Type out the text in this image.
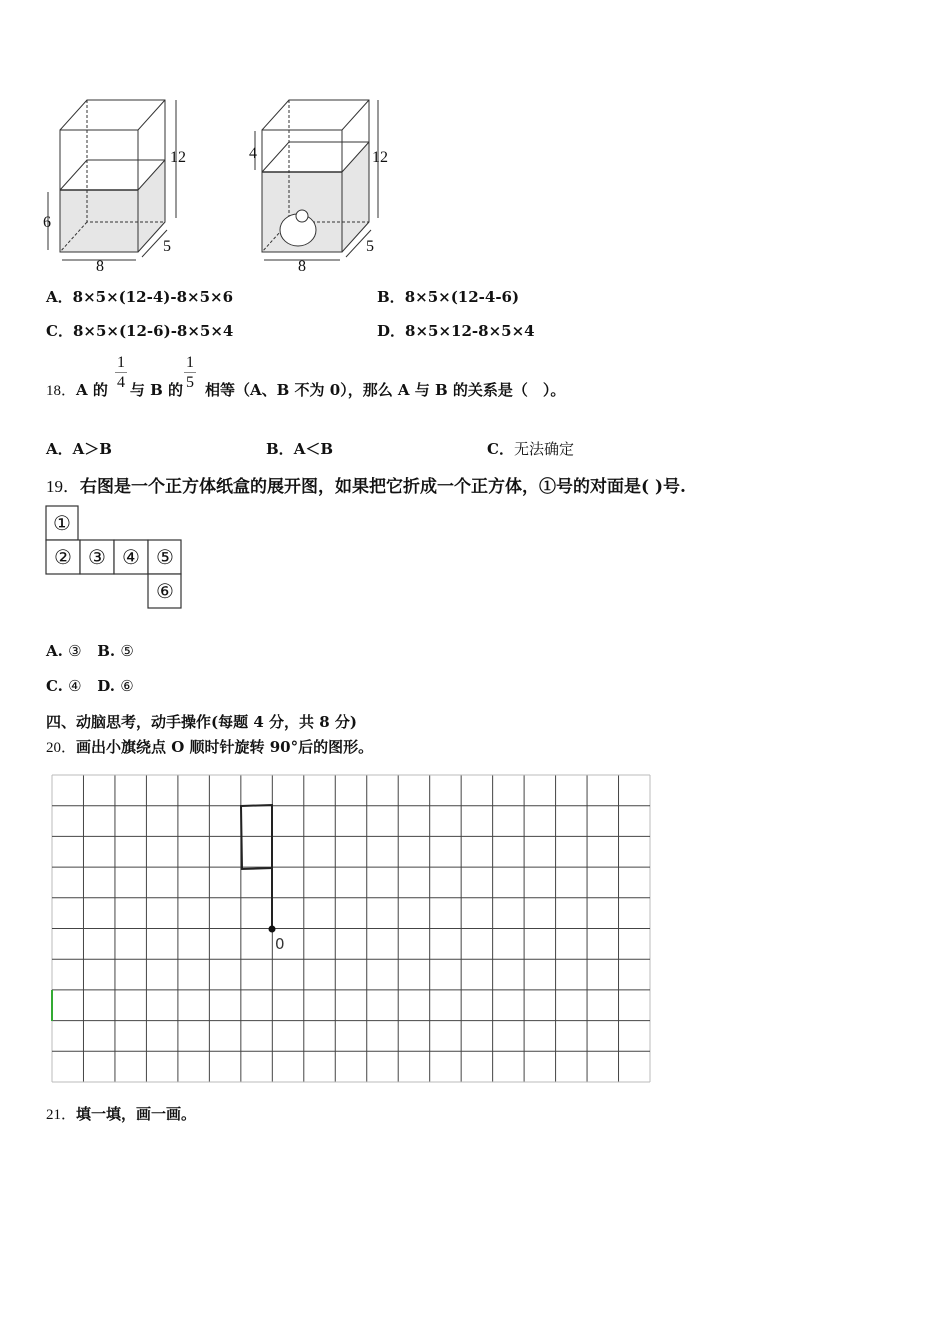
12
6
8
5
12
4
8
5
A．8×5×(12-4)-8×5×6	B．8×5×(12-4-6)
C．8×5×(12-6)-8×5×4	D．8×5×12-8×5×4
18．A 的 与 B 的 相等（A、B 不为 0），那么 A 与 B 的关系是（　）。
$\frac{1}{4}$	$\frac{1}{5}$
A．A＞B	B．A＜B	C．无法确定
19．右图是一个正方体纸盒的展开图，如果把它折成一个正方体，①号的对面是( )号.
①
② ③ ④ ⑤
⑥
A. ③ B. ⑤
C. ④ D. ⑥
四、动脑思考，动手操作(每题 4 分，共 8 分)
20．画出小旗绕点 O 顺时针旋转 90°后的图形。
0
21．填一填，画一画。
